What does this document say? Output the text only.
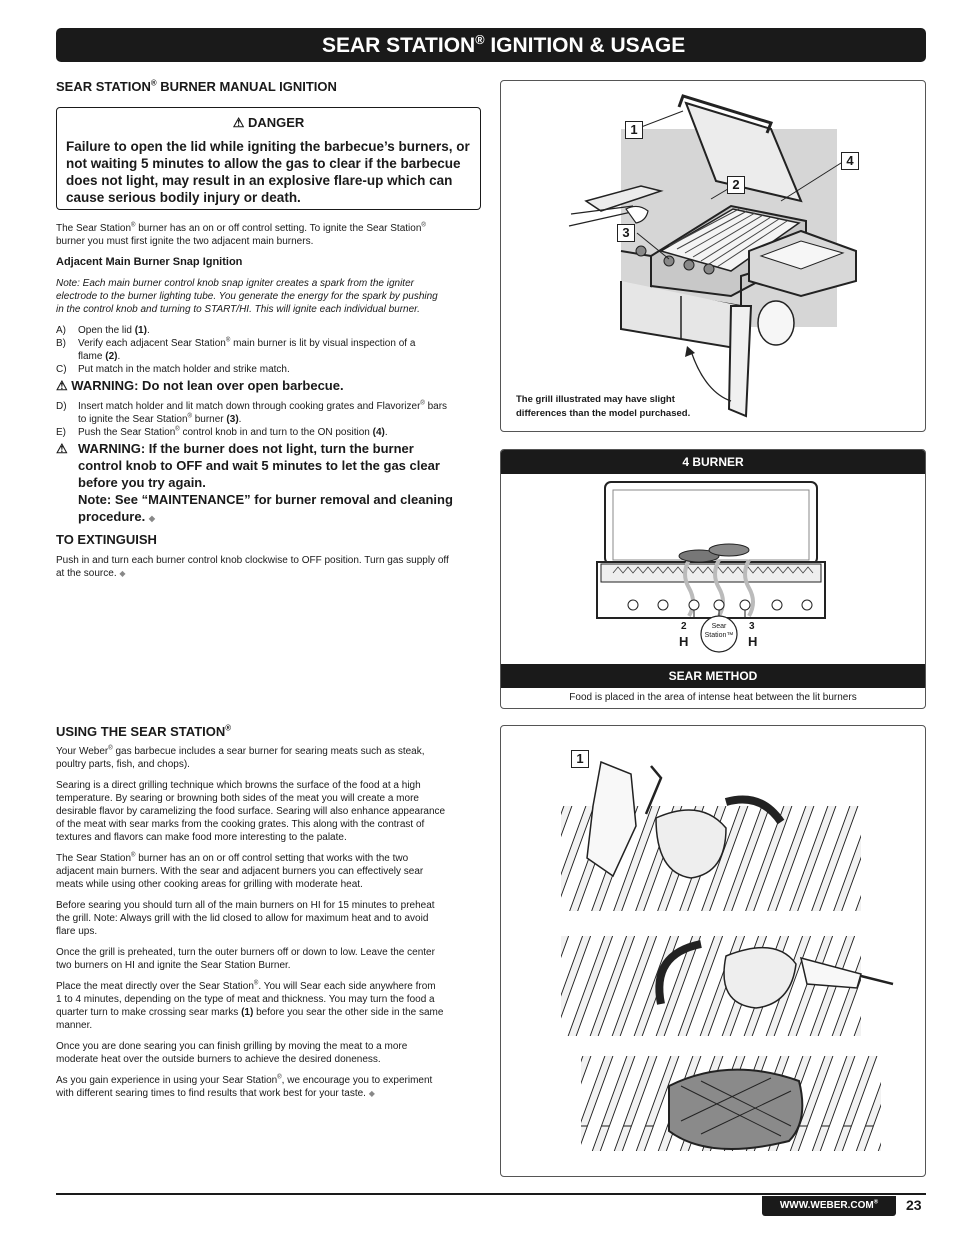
SEAR STATION® IGNITION & USAGE
SEAR STATION® BURNER MANUAL IGNITION
⚠ DANGER
Failure to open the lid while igniting the barbecue’s burners, or not waiting 5 minutes to allow the gas to clear if the barbecue does not light, may result in an explosive flare-up which can cause serious bodily injury or death.
The Sear Station® burner has an on or off control setting. To ignite the Sear Station®
burner you must first ignite the two adjacent main burners.
Adjacent Main Burner Snap Ignition
Note: Each main burner control knob snap igniter creates a spark from the igniter
electrode to the burner lighting tube. You generate the energy for the spark by pushing
in the control knob and turning to START/HI. This will ignite each individual burner.
A) Open the lid (1).
B) Verify each adjacent Sear Station® main burner is lit by visual inspection of a
flame (2).
C) Put match in the match holder and strike match.
⚠ WARNING: Do not lean over open barbecue.
D) Insert match holder and lit match down through cooking grates and Flavorizer® bars
to ignite the Sear Station® burner (3).
E) Push the Sear Station® control knob in and turn to the ON position (4).
⚠ WARNING: If the burner does not light, turn the burner
control knob to OFF and wait 5 minutes to let the gas clear
before you try again.
Note: See “MAINTENANCE” for burner removal and cleaning
procedure. ◆
TO EXTINGUISH
Push in and turn each burner control knob clockwise to OFF position. Turn gas supply off
at the source. ◆
USING THE SEAR STATION®
Your Weber® gas barbecue includes a sear burner for searing meats such as steak,
poultry parts, fish, and chops).
Searing is a direct grilling technique which browns the surface of the food at a high
temperature. By searing or browning both sides of the meat you will create a more
desirable flavor by caramelizing the food surface. Searing will also enhance appearance
of the meat with sear marks from the cooking grates. This along with the contrast of
textures and flavors can make food more interesting to the palate.
The Sear Station® burner has an on or off control setting that works with the two
adjacent main burners. With the sear and adjacent burners you can effectively sear
meats while using other cooking areas for grilling with moderate heat.
Before searing you should turn all of the main burners on HI for 15 minutes to preheat
the grill. Note: Always grill with the lid closed to allow for maximum heat and to avoid
flare ups.
Once the grill is preheated, turn the outer burners off or down to low. Leave the center
two burners on HI and ignite the Sear Station Burner.
Place the meat directly over the Sear Station®. You will Sear each side anywhere from
1 to 4 minutes, depending on the type of meat and thickness. You may turn the food a
quarter turn to make crossing sear marks (1) before you sear the other side in the same
manner.
Once you are done searing you can finish grilling by moving the meat to a more
moderate heat over the outside burners to achieve the desired doneness.
As you gain experience in using your Sear Station®, we encourage you to experiment
with different searing times to find results that work best for your taste. ◆
1
2
3
4
The grill illustrated may have slight
differences than the model purchased.
4 BURNER
2
H
3
H
Sear
Station™
SEAR METHOD
Food is placed in the area of intense heat between the lit burners
1
WWW.WEBER.COM®	23
